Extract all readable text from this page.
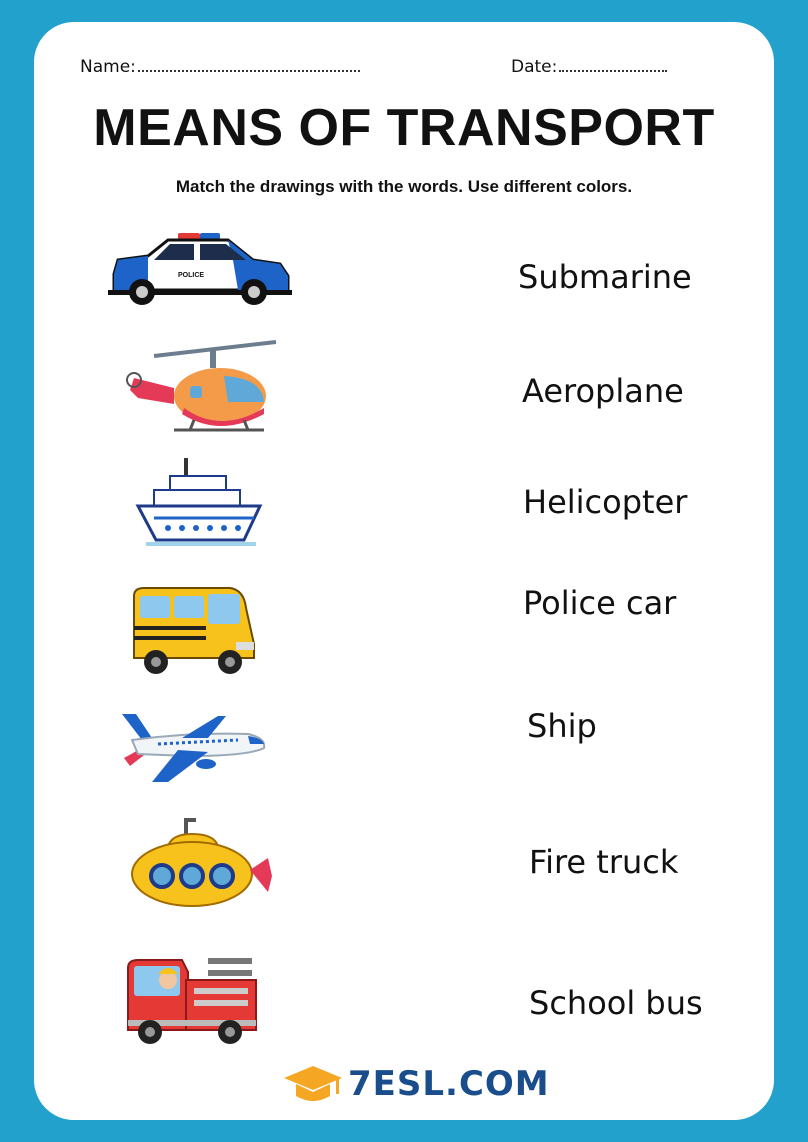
Name:	Date:
MEANS OF TRANSPORT
Match the drawings with the words. Use different colors.
POLICE	Submarine
Aeroplane
Helicopter
Police car
Ship
Fire truck
School bus
7ESL.COM
